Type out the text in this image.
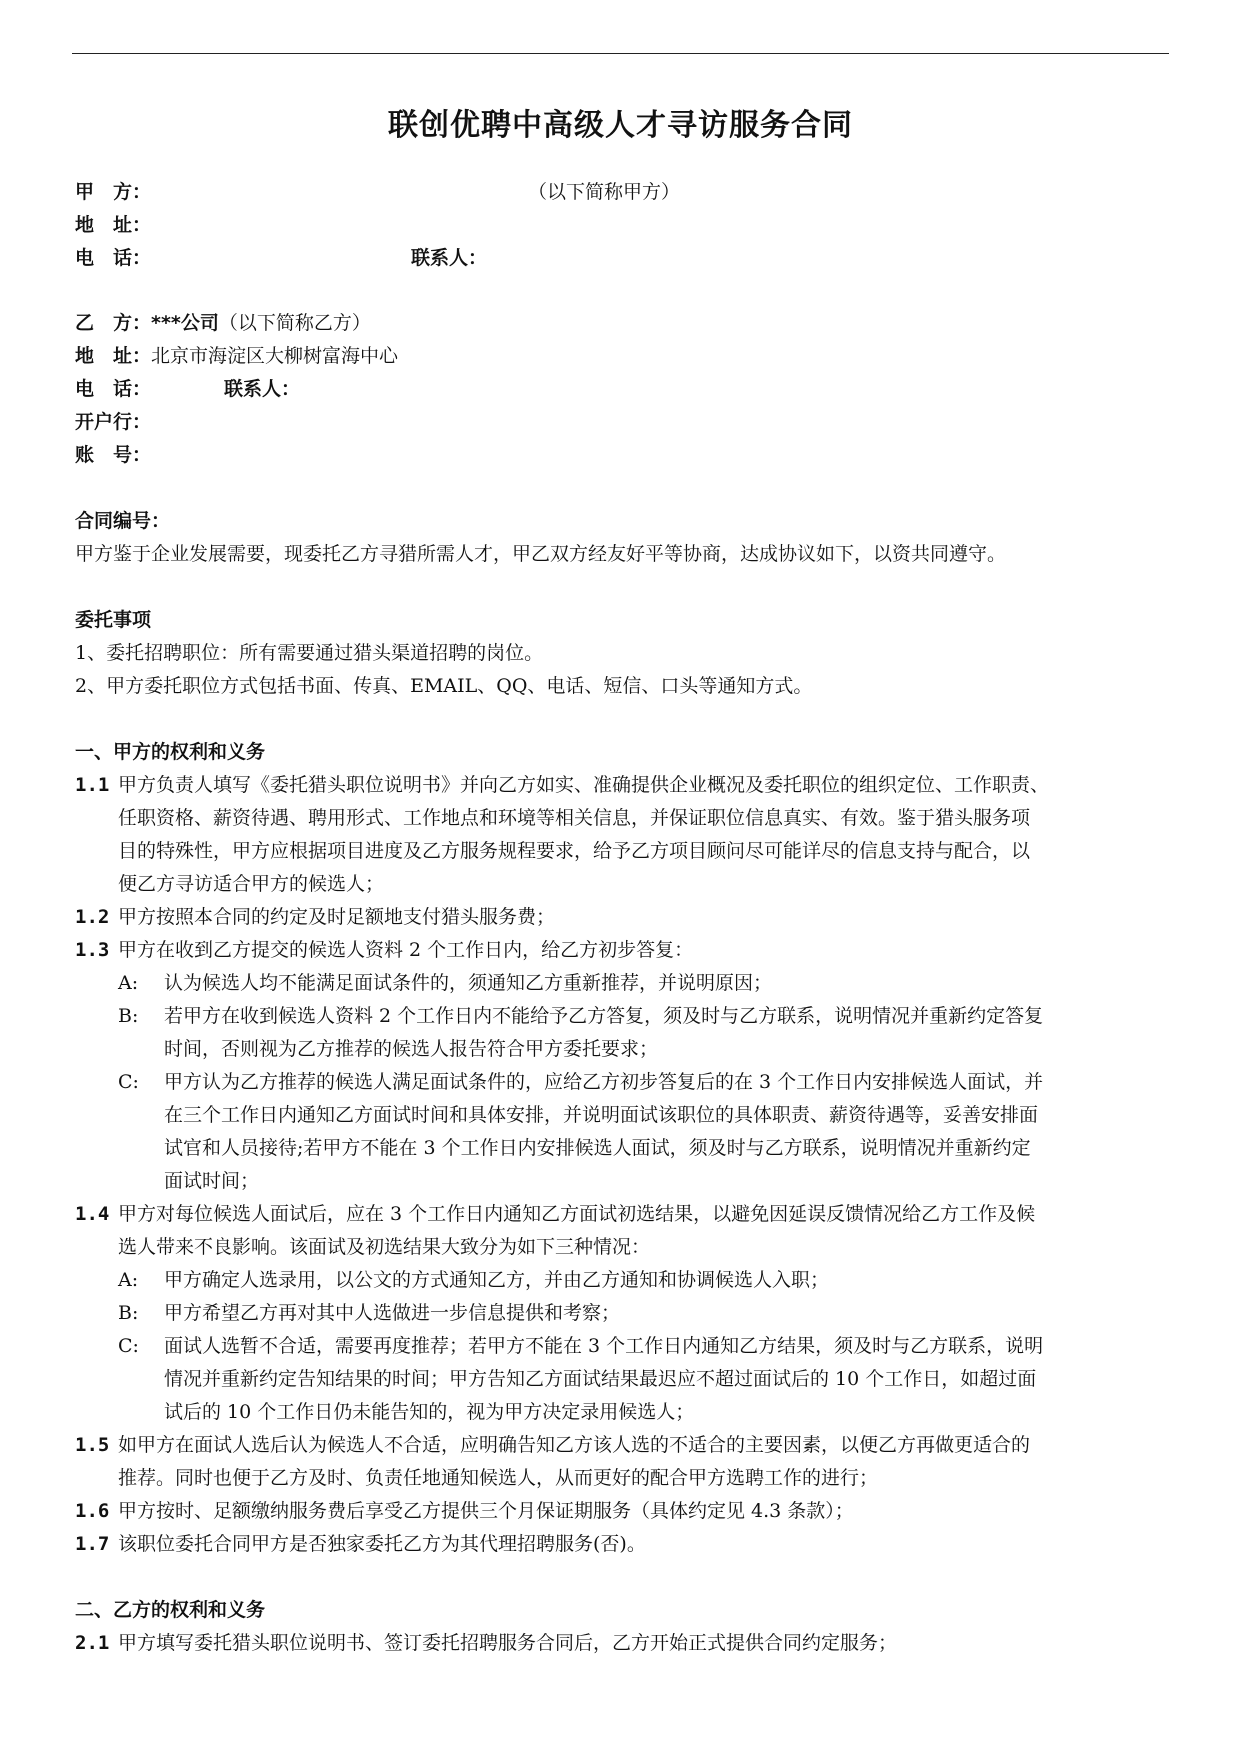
联创优聘中高级人才寻访服务合同
甲　方：	（以下简称甲方）
地　址：
电　话：	联系人：
乙　方：***公司（以下简称乙方）
地　址：北京市海淀区大柳树富海中心
电　话：	联系人：
开户行：
账　号：
合同编号：
甲方鉴于企业发展需要，现委托乙方寻猎所需人才，甲乙双方经友好平等协商，达成协议如下，以资共同遵守。
委托事项
1、委托招聘职位：所有需要通过猎头渠道招聘的岗位。
2、甲方委托职位方式包括书面、传真、EMAIL、QQ、电话、短信、口头等通知方式。
一、甲方的权利和义务
1.1 甲方负责人填写《委托猎头职位说明书》并向乙方如实、准确提供企业概况及委托职位的组织定位、工作职责、
任职资格、薪资待遇、聘用形式、工作地点和环境等相关信息，并保证职位信息真实、有效。鉴于猎头服务项
目的特殊性，甲方应根据项目进度及乙方服务规程要求，给予乙方项目顾问尽可能详尽的信息支持与配合，以
便乙方寻访适合甲方的候选人；
1.2 甲方按照本合同的约定及时足额地支付猎头服务费；
1.3 甲方在收到乙方提交的候选人资料 2 个工作日内，给乙方初步答复：
A: 认为候选人均不能满足面试条件的，须通知乙方重新推荐，并说明原因；
B: 若甲方在收到候选人资料 2 个工作日内不能给予乙方答复，须及时与乙方联系，说明情况并重新约定答复
时间，否则视为乙方推荐的候选人报告符合甲方委托要求；
C: 甲方认为乙方推荐的候选人满足面试条件的，应给乙方初步答复后的在 3 个工作日内安排候选人面试，并
在三个工作日内通知乙方面试时间和具体安排，并说明面试该职位的具体职责、薪资待遇等，妥善安排面
试官和人员接待;若甲方不能在 3 个工作日内安排候选人面试，须及时与乙方联系，说明情况并重新约定
面试时间；
1.4 甲方对每位候选人面试后，应在 3 个工作日内通知乙方面试初选结果，以避免因延误反馈情况给乙方工作及候
选人带来不良影响。该面试及初选结果大致分为如下三种情况：
A: 甲方确定人选录用，以公文的方式通知乙方，并由乙方通知和协调候选人入职；
B: 甲方希望乙方再对其中人选做进一步信息提供和考察；
C: 面试人选暂不合适，需要再度推荐；若甲方不能在 3 个工作日内通知乙方结果，须及时与乙方联系，说明
情况并重新约定告知结果的时间；甲方告知乙方面试结果最迟应不超过面试后的 10 个工作日，如超过面
试后的 10 个工作日仍未能告知的，视为甲方决定录用候选人；
1.5 如甲方在面试人选后认为候选人不合适，应明确告知乙方该人选的不适合的主要因素，以便乙方再做更适合的
推荐。同时也便于乙方及时、负责任地通知候选人，从而更好的配合甲方选聘工作的进行；
1.6 甲方按时、足额缴纳服务费后享受乙方提供三个月保证期服务（具体约定见 4.3 条款）；
1.7 该职位委托合同甲方是否独家委托乙方为其代理招聘服务(否)。
二、乙方的权利和义务
2.1 甲方填写委托猎头职位说明书、签订委托招聘服务合同后，乙方开始正式提供合同约定服务；
